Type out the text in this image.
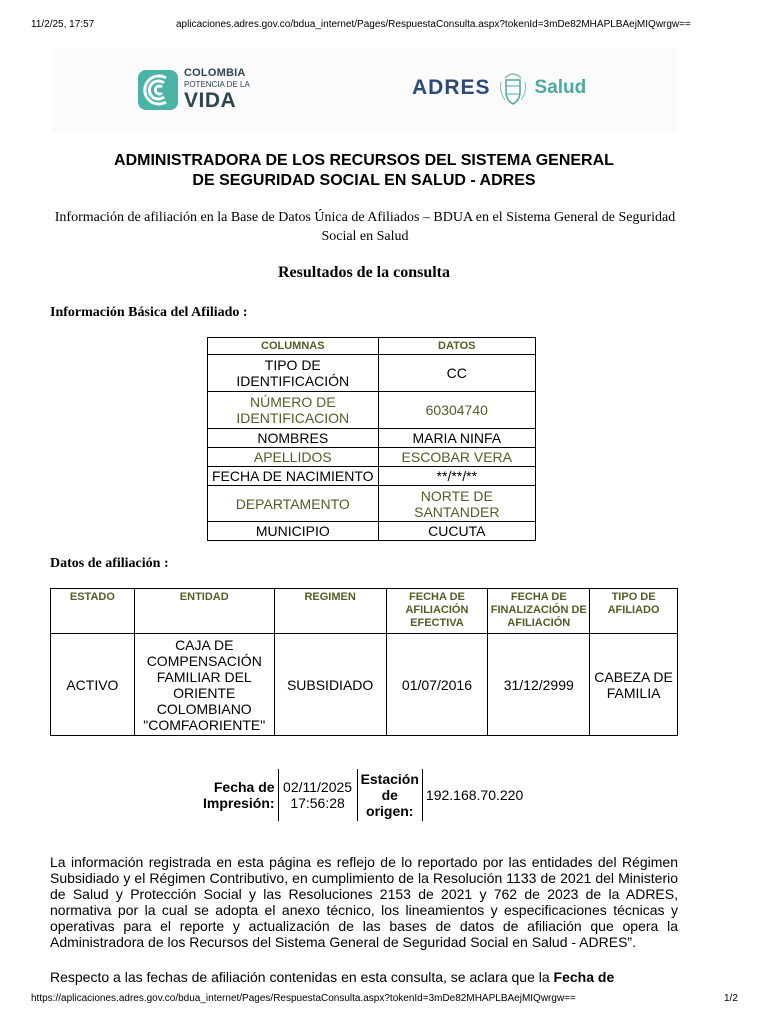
11/2/25, 17:57	aplicaciones.adres.gov.co/bdua_internet/Pages/RespuestaConsulta.aspx?tokenId=3mDe82MHAPLBAejMIQwrgw==
COLOMBIA
POTENCIA DE LA
VIDA
ADRES Salud
ADMINISTRADORA DE LOS RECURSOS DEL SISTEMA GENERAL
DE SEGURIDAD SOCIAL EN SALUD - ADRES
Información de afiliación en la Base de Datos Única de Afiliados – BDUA en el Sistema General de Seguridad Social en Salud
Resultados de la consulta
Información Básica del Afiliado :
COLUMNAS	DATOS
TIPO DE IDENTIFICACIÓN	CC
NÚMERO DE IDENTIFICACION	60304740
NOMBRES	MARIA NINFA
APELLIDOS	ESCOBAR VERA
FECHA DE NACIMIENTO	**/**/**
DEPARTAMENTO	NORTE DE SANTANDER
MUNICIPIO	CUCUTA
Datos de afiliación :
ESTADO	ENTIDAD	REGIMEN	FECHA DE AFILIACIÓN EFECTIVA	FECHA DE FINALIZACIÓN DE AFILIACIÓN	TIPO DE AFILIADO
ACTIVO	CAJA DE COMPENSACIÓN FAMILIAR DEL ORIENTE COLOMBIANO "COMFAORIENTE"	SUBSIDIADO	01/07/2016	31/12/2999	CABEZA DE FAMILIA
Fecha de Impresión:	02/11/2025 17:56:28	Estación de origen:	192.168.70.220
La información registrada en esta página es reflejo de lo reportado por las entidades del Régimen Subsidiado y el Régimen Contributivo, en cumplimiento de la Resolución 1133 de 2021 del Ministerio de Salud y Protección Social y las Resoluciones 2153 de 2021 y 762 de 2023 de la ADRES, normativa por la cual se adopta el anexo técnico, los lineamientos y especificaciones técnicas y operativas para el reporte y actualización de las bases de datos de afiliación que opera la Administradora de los Recursos del Sistema General de Seguridad Social en Salud - ADRES”.
Respecto a las fechas de afiliación contenidas en esta consulta, se aclara que la Fecha de
https://aplicaciones.adres.gov.co/bdua_internet/Pages/RespuestaConsulta.aspx?tokenId=3mDe82MHAPLBAejMIQwrgw==	1/2
